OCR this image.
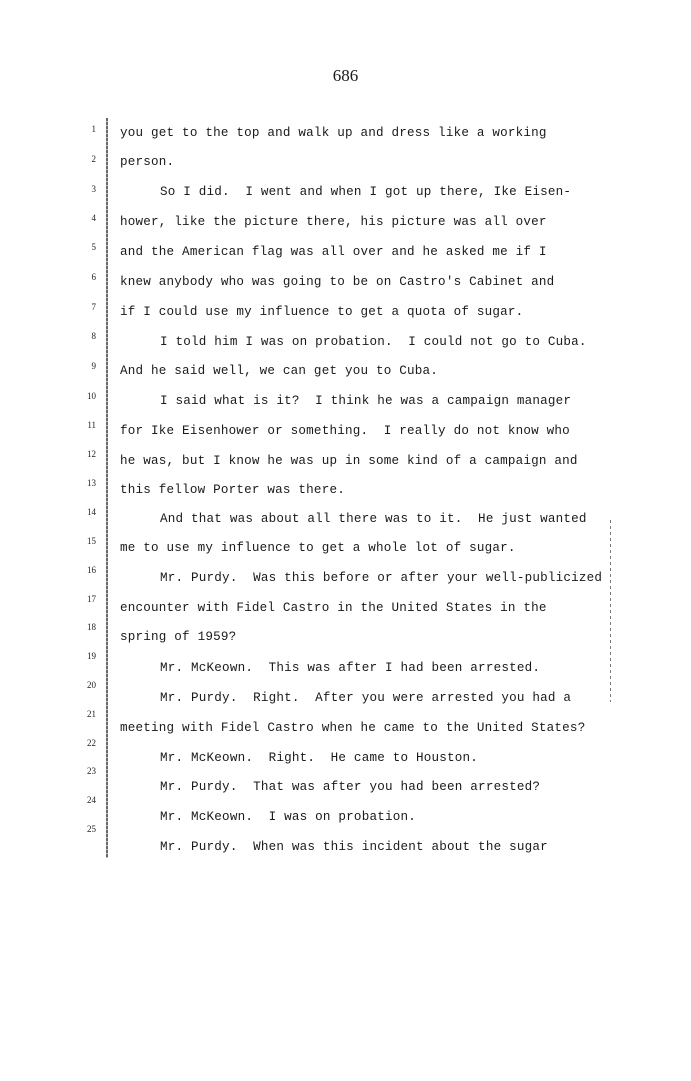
686
1
2
3
4
5
6
7
8
9
10
11
12
13
14
15
16
17
18
19
20
21
22
23
24
25
you get to the top and walk up and dress like a working
person.
So I did.  I went and when I got up there, Ike Eisen-
hower, like the picture there, his picture was all over
and the American flag was all over and he asked me if I
knew anybody who was going to be on Castro's Cabinet and
if I could use my influence to get a quota of sugar.
I told him I was on probation.  I could not go to Cuba.
And he said well, we can get you to Cuba.
I said what is it?  I think he was a campaign manager
for Ike Eisenhower or something.  I really do not know who
he was, but I know he was up in some kind of a campaign and
this fellow Porter was there.
And that was about all there was to it.  He just wanted
me to use my influence to get a whole lot of sugar.
Mr. Purdy.  Was this before or after your well-publicized
encounter with Fidel Castro in the United States in the
spring of 1959?
Mr. McKeown.  This was after I had been arrested.
Mr. Purdy.  Right.  After you were arrested you had a
meeting with Fidel Castro when he came to the United States?
Mr. McKeown.  Right.  He came to Houston.
Mr. Purdy.  That was after you had been arrested?
Mr. McKeown.  I was on probation.
Mr. Purdy.  When was this incident about the sugar
